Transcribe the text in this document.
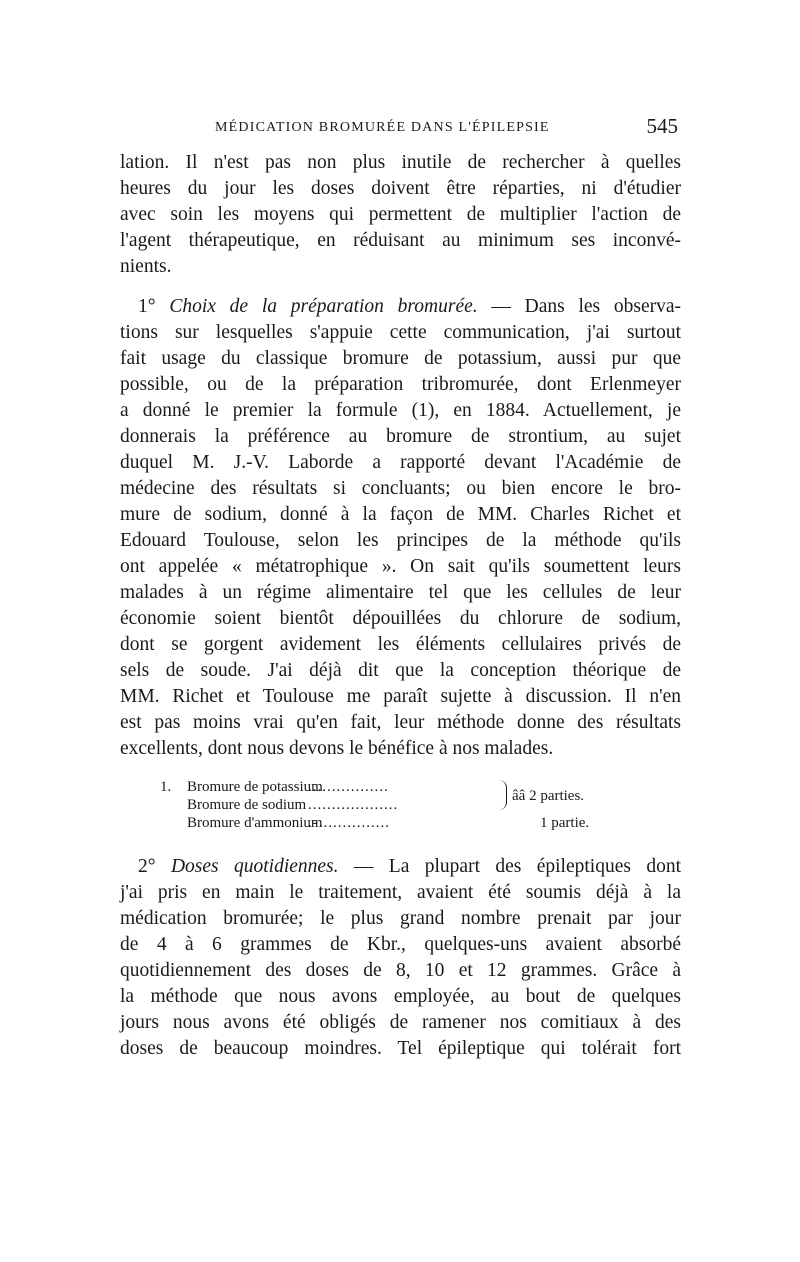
MÉDICATION BROMURÉE DANS L'ÉPILEPSIE	545
lation. Il n'est pas non plus inutile de rechercher à quelles
heures du jour les doses doivent être réparties, ni d'étudier
avec soin les moyens qui permettent de multiplier l'action de
l'agent thérapeutique, en réduisant au minimum ses inconvé-
nients.
1° Choix de la préparation bromurée. — Dans les observa-
tions sur lesquelles s'appuie cette communication, j'ai surtout
fait usage du classique bromure de potassium, aussi pur que
possible, ou de la préparation tribromurée, dont Erlenmeyer
a donné le premier la formule (1), en 1884. Actuellement, je
donnerais la préférence au bromure de strontium, au sujet
duquel M. J.-V. Laborde a rapporté devant l'Académie de
médecine des résultats si concluants; ou bien encore le bro-
mure de sodium, donné à la façon de MM. Charles Richet et
Edouard Toulouse, selon les principes de la méthode qu'ils
ont appelée « métatrophique ». On sait qu'ils soumettent leurs
malades à un régime alimentaire tel que les cellules de leur
économie soient bientôt dépouillées du chlorure de sodium,
dont se gorgent avidement les éléments cellulaires privés de
sels de soude. J'ai déjà dit que la conception théorique de
MM. Richet et Toulouse me paraît sujette à discussion. Il n'en
est pas moins vrai qu'en fait, leur méthode donne des résultats
excellents, dont nous devons le bénéfice à nos malades.
1. Bromure de potassium
.................
ââ 2 parties.
Bromure de sodium ...................
Bromure d'ammonium
.-...............	1 partie.
2° Doses quotidiennes. — La plupart des épileptiques dont
j'ai pris en main le traitement, avaient été soumis déjà à la
médication bromurée; le plus grand nombre prenait par jour
de 4 à 6 grammes de Kbr., quelques-uns avaient absorbé
quotidiennement des doses de 8, 10 et 12 grammes. Grâce à
la méthode que nous avons employée, au bout de quelques
jours nous avons été obligés de ramener nos comitiaux à des
doses de beaucoup moindres. Tel épileptique qui tolérait fort
